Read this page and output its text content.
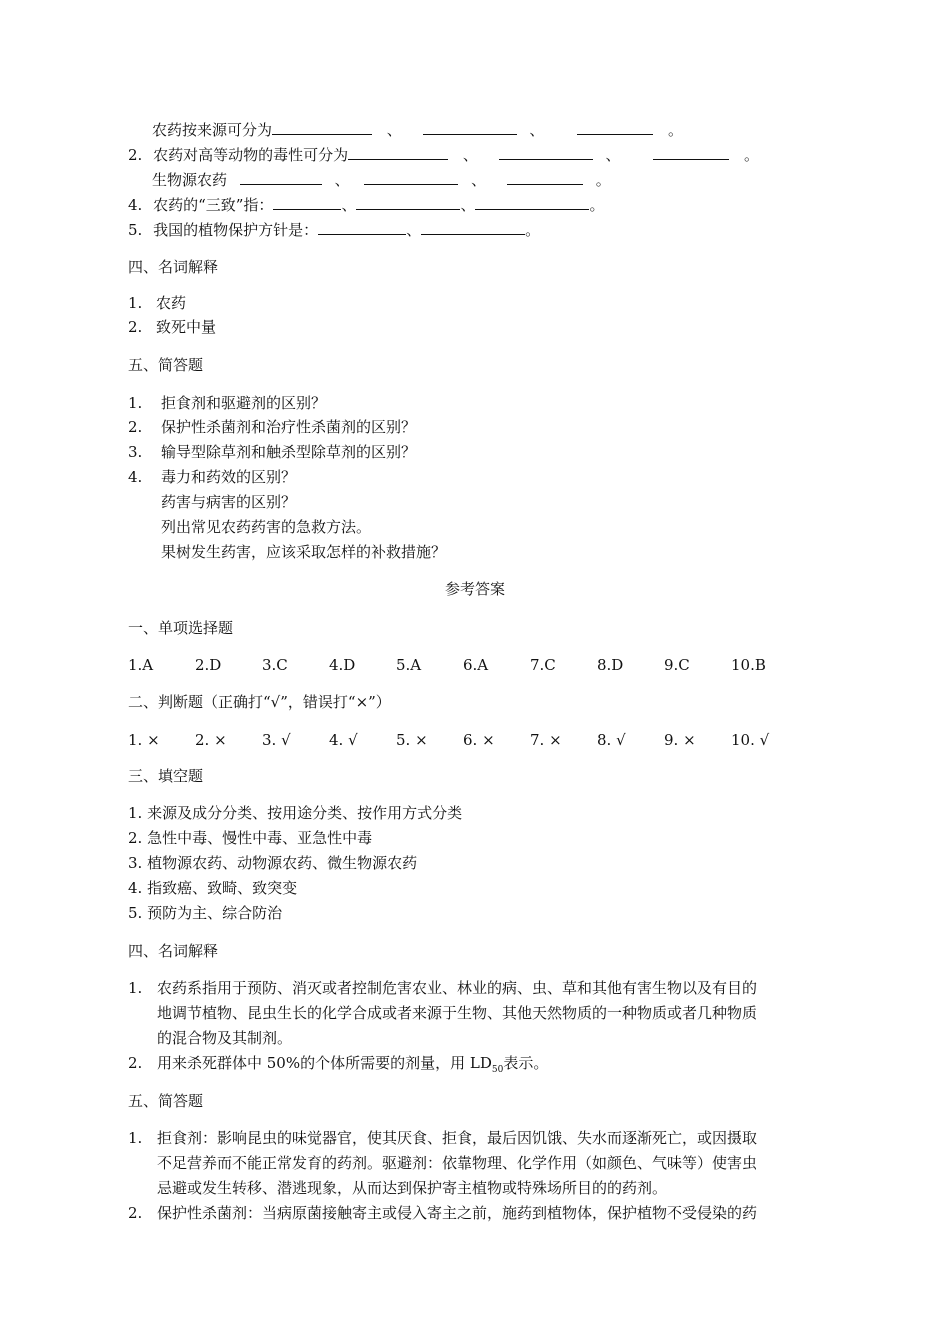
农药按来源可分为	、	、	。
2. 农药对高等动物的毒性可分为	、	、	。
生物源农药	、	、	。
4. 农药的“三致”指：	、	、	。
5. 我国的植物保护方针是：	、	。
四、名词解释
1. 农药
2. 致死中量
五、简答题
1. 拒食剂和驱避剂的区别？
2. 保护性杀菌剂和治疗性杀菌剂的区别？
3. 输导型除草剂和触杀型除草剂的区别？
4. 毒力和药效的区别？
药害与病害的区别？
列出常见农药药害的急救方法。
果树发生药害，应该采取怎样的补救措施？
参考答案
一、单项选择题
1.A	2.D	3.C	4.D	5.A	6.A	7.C	8.D	9.C	10.B
二、判断题（正确打“√”，错误打“×”）
1. × 2. × 3. √	4. √	5. × 6. × 7. × 8. √	9. × 10. √
三、填空题
1. 来源及成分分类、按用途分类、按作用方式分类
2. 急性中毒、慢性中毒、亚急性中毒
3. 植物源农药、动物源农药、微生物源农药
4. 指致癌、致畸、致突变
5. 预防为主、综合防治
四、名词解释
1. 农药系指用于预防、消灭或者控制危害农业、林业的病、虫、草和其他有害生物以及有目的
地调节植物、昆虫生长的化学合成或者来源于生物、其他天然物质的一种物质或者几种物质
的混合物及其制剂。
2. 用来杀死群体中 50%的个体所需要的剂量，用 $LD_{50}$表示。
五、简答题
1. 拒食剂：影响昆虫的味觉器官，使其厌食、拒食，最后因饥饿、失水而逐渐死亡，或因摄取
不足营养而不能正常发育的药剂。驱避剂：依靠物理、化学作用（如颜色、气味等）使害虫
忌避或发生转移、潜逃现象，从而达到保护寄主植物或特殊场所目的的药剂。
2. 保护性杀菌剂：当病原菌接触寄主或侵入寄主之前，施药到植物体，保护植物不受侵染的药
